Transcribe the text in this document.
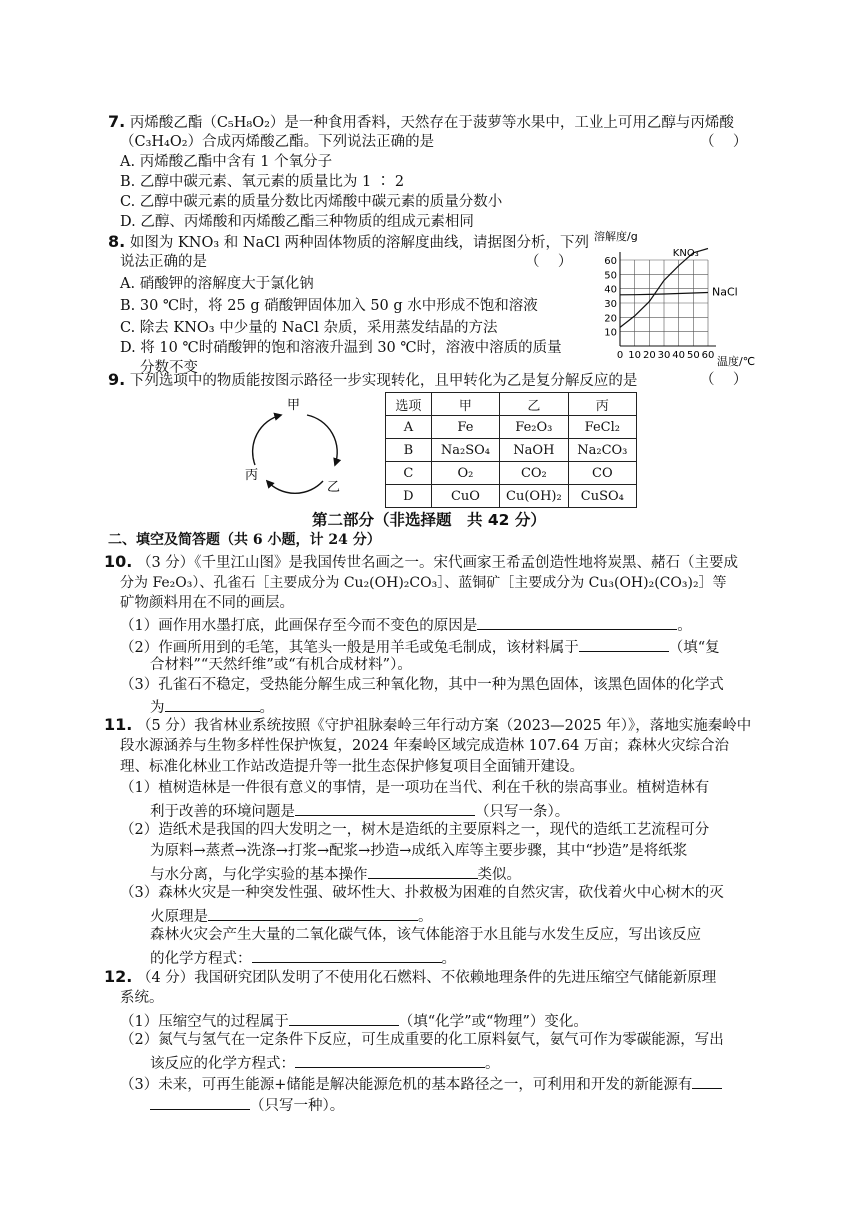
7. 丙烯酸乙酯（C₅H₈O₂）是一种食用香料，天然存在于菠萝等水果中，工业上可用乙醇与丙烯酸
（C₃H₄O₂）合成丙烯酸乙酯。下列说法正确的是	（    ）
A. 丙烯酸乙酯中含有 1 个氧分子
B. 乙醇中碳元素、氧元素的质量比为 1 ∶ 2
C. 乙醇中碳元素的质量分数比丙烯酸中碳元素的质量分数小
D. 乙醇、丙烯酸和丙烯酸乙酯三种物质的组成元素相同
8. 如图为 KNO₃ 和 NaCl 两种固体物质的溶解度曲线，请据图分析，下列
说法正确的是	（    ）
A. 硝酸钾的溶解度大于氯化钠
B. 30 ℃时，将 25 g 硝酸钾固体加入 50 g 水中形成不饱和溶液
C. 除去 KNO₃ 中少量的 NaCl 杂质，采用蒸发结晶的方法
D. 将 10 ℃时硝酸钾的饱和溶液升温到 30 ℃时，溶液中溶质的质量
分数不变
溶解度/g
10
20
30
40
50
60
0 10 20 30 40 50 60
KNO₃
NaCl
温度/℃
9. 下列选项中的物质能按图示路径一步实现转化，且甲转化为乙是复分解反应的是	（    ）
甲
乙
丙
选项	甲	乙	丙
A	Fe	Fe₂O₃	FeCl₂
B	Na₂SO₄	NaOH	Na₂CO₃
C	O₂	CO₂	CO
D	CuO	Cu(OH)₂	CuSO₄
第二部分（非选择题　共 42 分）
二、填空及简答题（共 6 小题，计 24 分）
10. （3 分）《千里江山图》是我国传世名画之一。宋代画家王希孟创造性地将炭黑、赭石（主要成
分为 Fe₂O₃）、孔雀石［主要成分为 Cu₂(OH)₂CO₃］、蓝铜矿［主要成分为 Cu₃(OH)₂(CO₃)₂］等
矿物颜料用在不同的画层。
（1）画作用水墨打底，此画保存至今而不变色的原因是	。
（2）作画所用到的毛笔，其笔头一般是用羊毛或兔毛制成，该材料属于	（填“复
合材料”“天然纤维”或“有机合成材料”）。
（3）孔雀石不稳定，受热能分解生成三种氧化物，其中一种为黑色固体，该黑色固体的化学式
为	。
11. （5 分）我省林业系统按照《守护祖脉秦岭三年行动方案（2023—2025 年）》，落地实施秦岭中
段水源涵养与生物多样性保护恢复，2024 年秦岭区域完成造林 107.64 万亩；森林火灾综合治
理、标准化林业工作站改造提升等一批生态保护修复项目全面铺开建设。
（1）植树造林是一件很有意义的事情，是一项功在当代、利在千秋的崇高事业。植树造林有
利于改善的环境问题是	（只写一条）。
（2）造纸术是我国的四大发明之一，树木是造纸的主要原料之一，现代的造纸工艺流程可分
为原料→蒸煮→洗涤→打浆→配浆→抄造→成纸入库等主要步骤，其中“抄造”是将纸浆
与水分离，与化学实验的基本操作	类似。
（3）森林火灾是一种突发性强、破坏性大、扑救极为困难的自然灾害，砍伐着火中心树木的灭
火原理是	。
森林火灾会产生大量的二氧化碳气体，该气体能溶于水且能与水发生反应，写出该反应
的化学方程式：	。
12. （4 分）我国研究团队发明了不使用化石燃料、不依赖地理条件的先进压缩空气储能新原理
系统。
（1）压缩空气的过程属于	（填“化学”或“物理”）变化。
（2）氮气与氢气在一定条件下反应，可生成重要的化工原料氨气，氨气可作为零碳能源，写出
该反应的化学方程式：	。
（3）未来，可再生能源+储能是解决能源危机的基本路径之一，可利用和开发的新能源有
（只写一种）。
